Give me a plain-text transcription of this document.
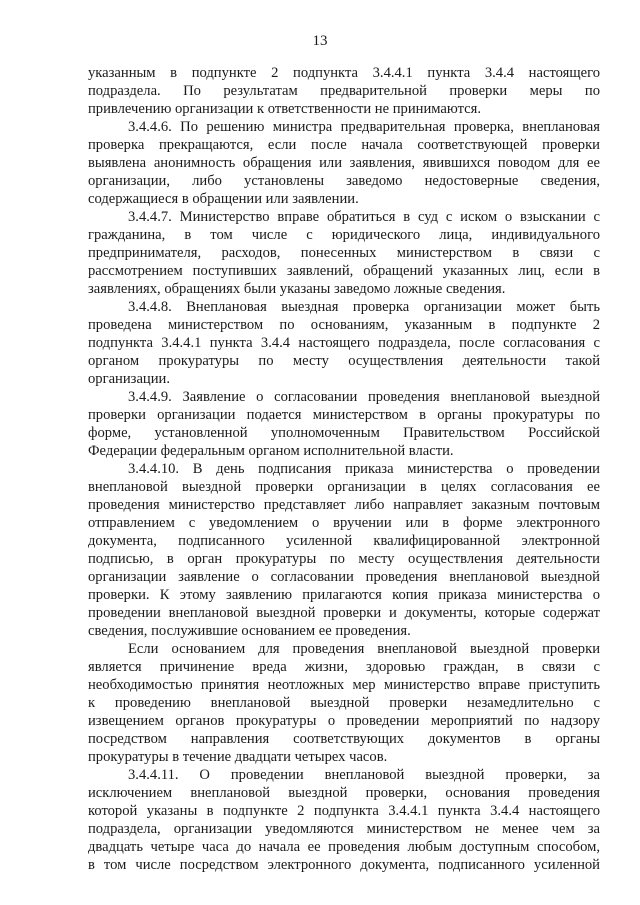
13
указанным в подпункте 2 подпункта 3.4.4.1 пункта 3.4.4 настоящего
подраздела. По результатам предварительной проверки меры по
привлечению организации к ответственности не принимаются.
3.4.4.6. По решению министра предварительная проверка, внеплановая
проверка прекращаются, если после начала соответствующей проверки
выявлена анонимность обращения или заявления, явившихся поводом для ее
организации, либо установлены заведомо недостоверные сведения,
содержащиеся в обращении или заявлении.
3.4.4.7. Министерство вправе обратиться в суд с иском о взыскании с
гражданина, в том числе с юридического лица, индивидуального
предпринимателя, расходов, понесенных министерством в связи с
рассмотрением поступивших заявлений, обращений указанных лиц, если в
заявлениях, обращениях были указаны заведомо ложные сведения.
3.4.4.8. Внеплановая выездная проверка организации может быть
проведена министерством по основаниям, указанным в подпункте 2
подпункта 3.4.4.1 пункта 3.4.4 настоящего подраздела, после согласования с
органом прокуратуры по месту осуществления деятельности такой
организации.
3.4.4.9. Заявление о согласовании проведения внеплановой выездной
проверки организации подается министерством в органы прокуратуры по
форме, установленной уполномоченным Правительством Российской
Федерации федеральным органом исполнительной власти.
3.4.4.10. В день подписания приказа министерства о проведении
внеплановой выездной проверки организации в целях согласования ее
проведения министерство представляет либо направляет заказным почтовым
отправлением с уведомлением о вручении или в форме электронного
документа, подписанного усиленной квалифицированной электронной
подписью, в орган прокуратуры по месту осуществления деятельности
организации заявление о согласовании проведения внеплановой выездной
проверки. К этому заявлению прилагаются копия приказа министерства о
проведении внеплановой выездной проверки и документы, которые содержат
сведения, послужившие основанием ее проведения.
Если основанием для проведения внеплановой выездной проверки
является причинение вреда жизни, здоровью граждан, в связи с
необходимостью принятия неотложных мер министерство вправе приступить
к проведению внеплановой выездной проверки незамедлительно с
извещением органов прокуратуры о проведении мероприятий по надзору
посредством направления соответствующих документов в органы
прокуратуры в течение двадцати четырех часов.
3.4.4.11. О проведении внеплановой выездной проверки, за
исключением внеплановой выездной проверки, основания проведения
которой указаны в подпункте 2 подпункта 3.4.4.1 пункта 3.4.4 настоящего
подраздела, организации уведомляются министерством не менее чем за
двадцать четыре часа до начала ее проведения любым доступным способом,
в том числе посредством электронного документа, подписанного усиленной
